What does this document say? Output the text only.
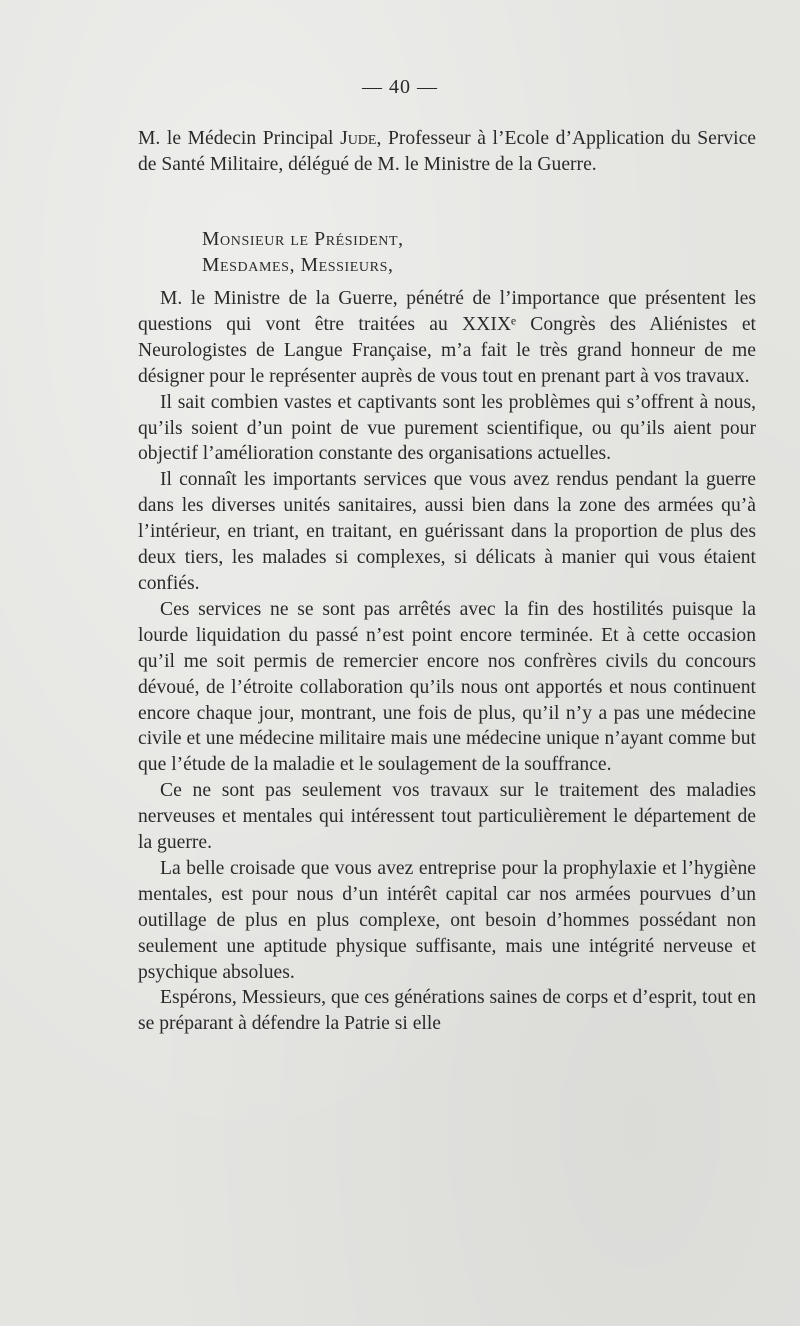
— 40 —

M. le Médecin Principal Jude, Professeur à l’Ecole d’Application du Service de Santé Militaire, délégué de M. le Ministre de la Guerre.

Monsieur le Président,
Mesdames, Messieurs,

M. le Ministre de la Guerre, pénétré de l’importance que présentent les questions qui vont être traitées au XXIXᵉ Congrès des Aliénistes et Neurologistes de Langue Française, m’a fait le très grand honneur de me désigner pour le représenter auprès de vous tout en prenant part à vos travaux.

Il sait combien vastes et captivants sont les problèmes qui s’offrent à nous, qu’ils soient d’un point de vue purement scientifique, ou qu’ils aient pour objectif l’amélioration constante des organisations actuelles.

Il connaît les importants services que vous avez rendus pendant la guerre dans les diverses unités sanitaires, aussi bien dans la zone des armées qu’à l’intérieur, en triant, en traitant, en guérissant dans la proportion de plus des deux tiers, les malades si complexes, si délicats à manier qui vous étaient confiés.

Ces services ne se sont pas arrêtés avec la fin des hostilités puisque la lourde liquidation du passé n’est point encore terminée. Et à cette occasion qu’il me soit permis de remercier encore nos confrères civils du concours dévoué, de l’étroite collaboration qu’ils nous ont apportés et nous continuent encore chaque jour, montrant, une fois de plus, qu’il n’y a pas une médecine civile et une médecine militaire mais une médecine unique n’ayant comme but que l’étude de la maladie et le soulagement de la souffrance.

Ce ne sont pas seulement vos travaux sur le traitement des maladies nerveuses et mentales qui intéressent tout particulièrement le département de la guerre.

La belle croisade que vous avez entreprise pour la prophylaxie et l’hygiène mentales, est pour nous d’un intérêt capital car nos armées pourvues d’un outillage de plus en plus complexe, ont besoin d’hommes possédant non seulement une aptitude physique suffisante, mais une intégrité nerveuse et psychique absolues.

Espérons, Messieurs, que ces générations saines de corps et d’esprit, tout en se préparant à défendre la Patrie si elle
